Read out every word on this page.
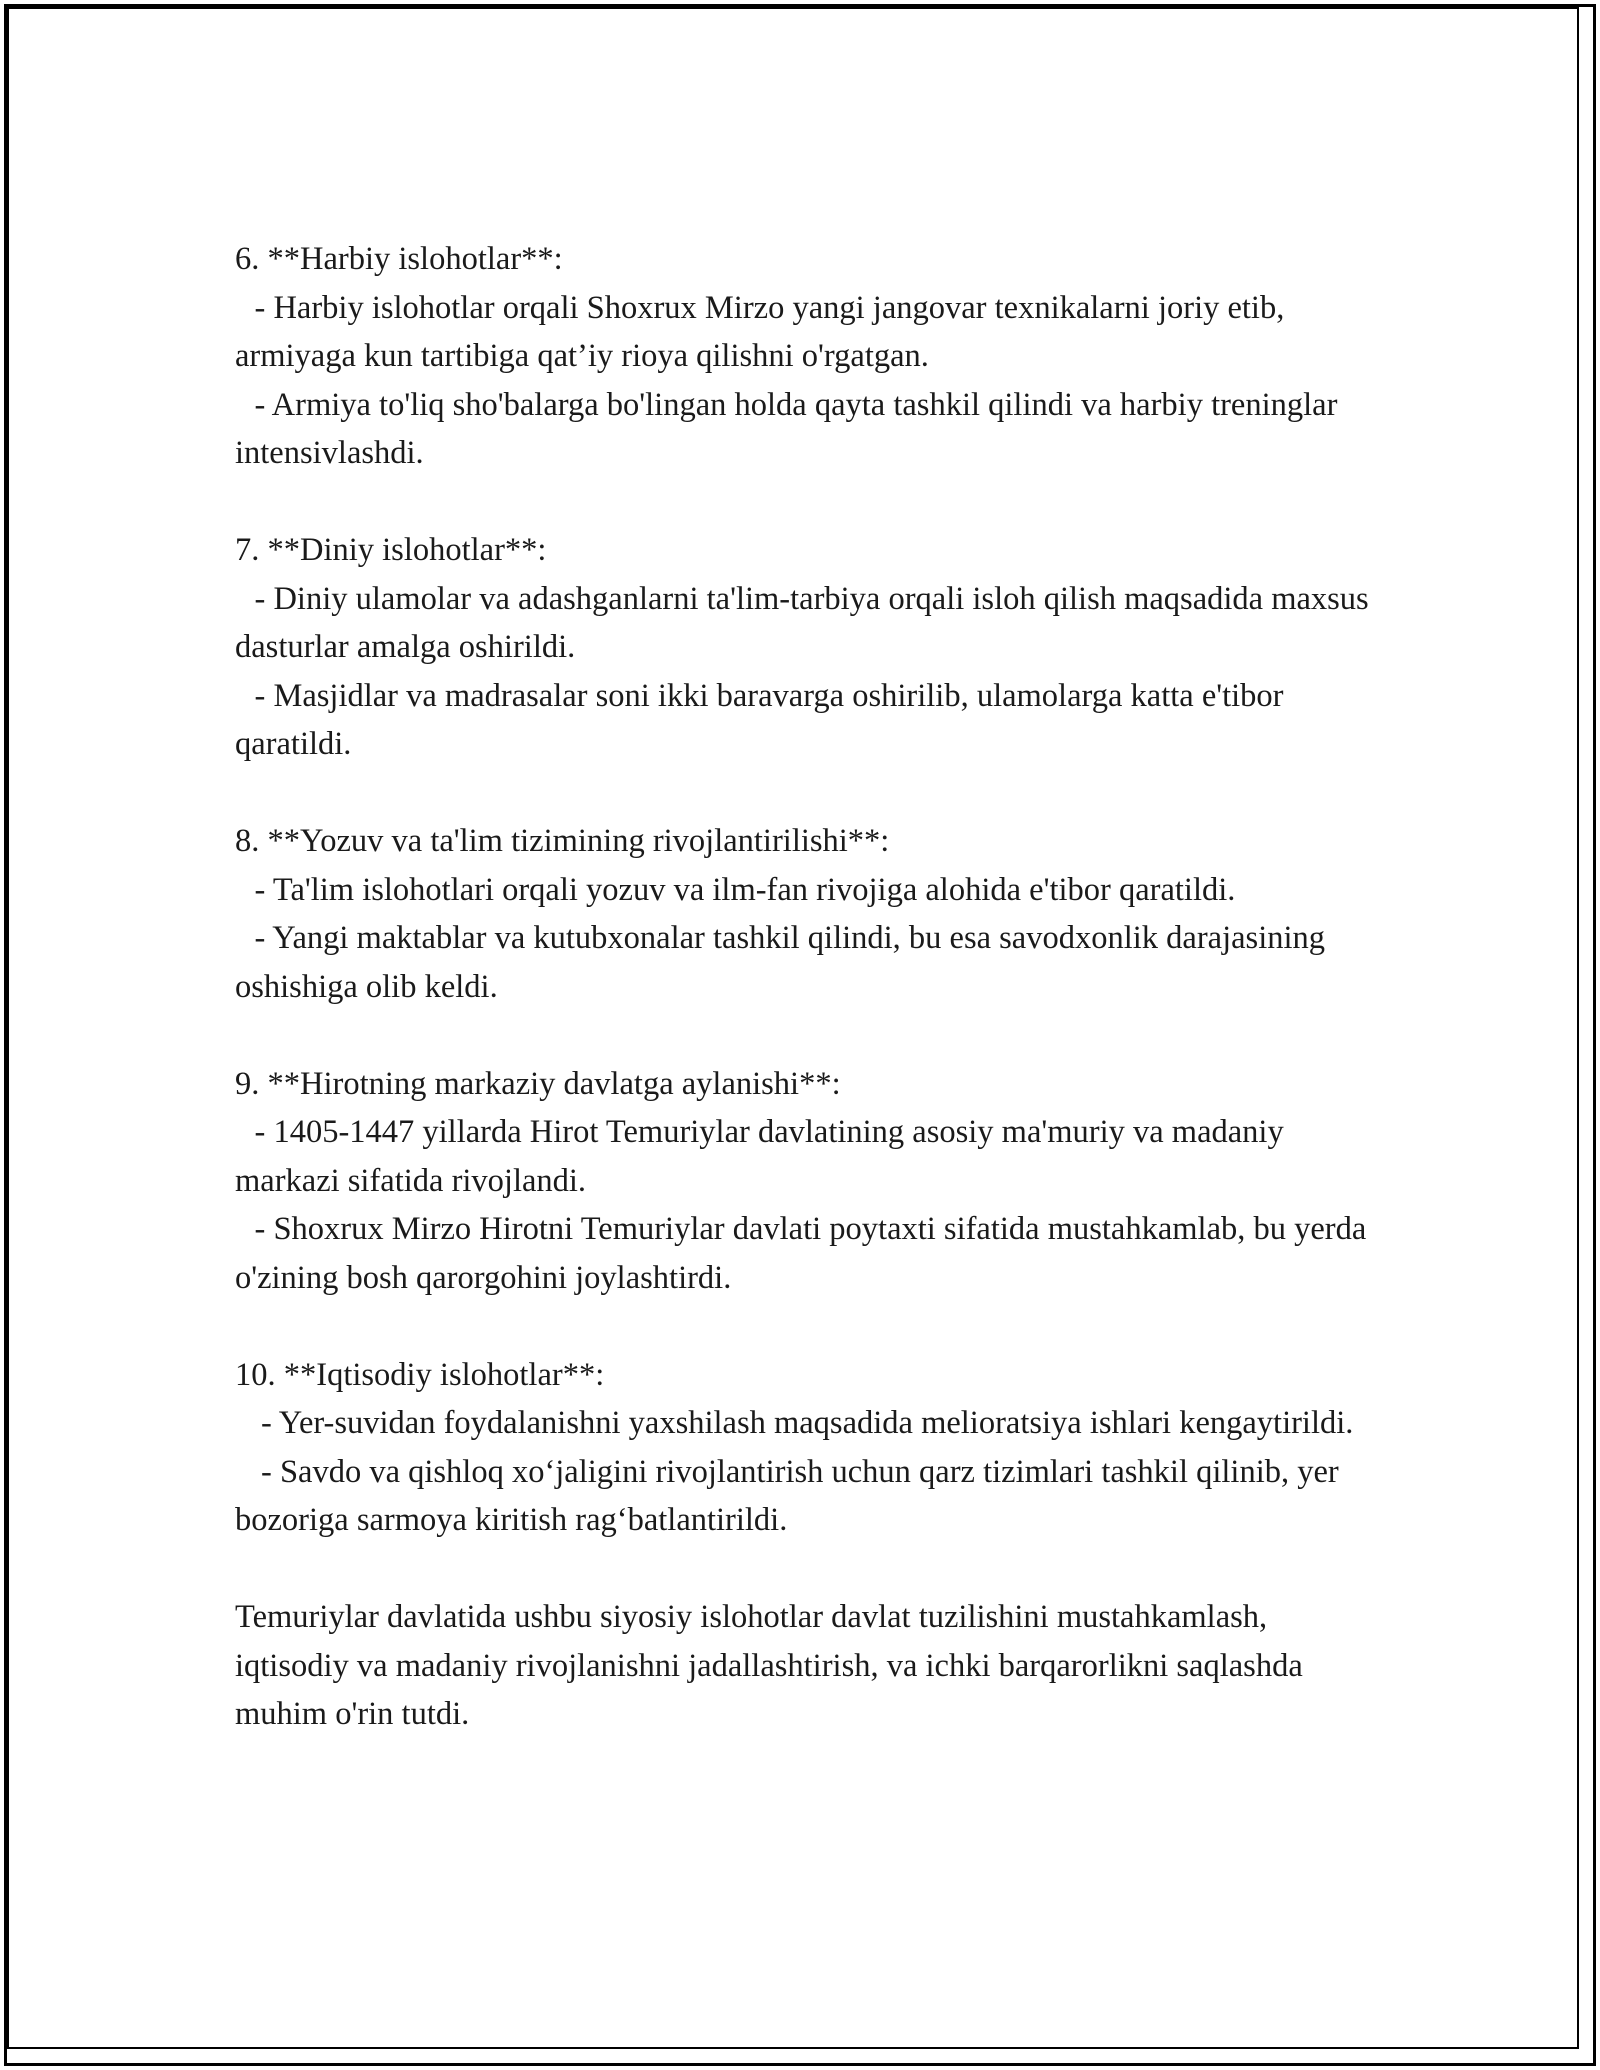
6. **Harbiy islohotlar**:

- Harbiy islohotlar orqali Shoxrux Mirzo yangi jangovar texnikalarni joriy etib, armiyaga kun tartibiga qat’iy rioya qilishni o'rgatgan.

- Armiya to'liq sho'balarga bo'lingan holda qayta tashkil qilindi va harbiy treninglar intensivlashdi.

7. **Diniy islohotlar**:

- Diniy ulamolar va adashganlarni ta'lim-tarbiya orqali isloh qilish maqsadida maxsus dasturlar amalga oshirildi.

- Masjidlar va madrasalar soni ikki baravarga oshirilib, ulamolarga katta e'tibor qaratildi.

8. **Yozuv va ta'lim tizimining rivojlantirilishi**:

- Ta'lim islohotlari orqali yozuv va ilm-fan rivojiga alohida e'tibor qaratildi.

- Yangi maktablar va kutubxonalar tashkil qilindi, bu esa savodxonlik darajasining oshishiga olib keldi.

9. **Hirotning markaziy davlatga aylanishi**:

- 1405-1447 yillarda Hirot Temuriylar davlatining asosiy ma'muriy va madaniy markazi sifatida rivojlandi.

- Shoxrux Mirzo Hirotni Temuriylar davlati poytaxti sifatida mustahkamlab, bu yerda o'zining bosh qarorgohini joylashtirdi.

10. **Iqtisodiy islohotlar**:

- Yer-suvidan foydalanishni yaxshilash maqsadida melioratsiya ishlari kengaytirildi.

- Savdo va qishloq xo‘jaligini rivojlantirish uchun qarz tizimlari tashkil qilinib, yer bozoriga sarmoya kiritish rag‘batlantirildi.

Temuriylar davlatida ushbu siyosiy islohotlar davlat tuzilishini mustahkamlash, iqtisodiy va madaniy rivojlanishni jadallashtirish, va ichki barqarorlikni saqlashda muhim o'rin tutdi.
